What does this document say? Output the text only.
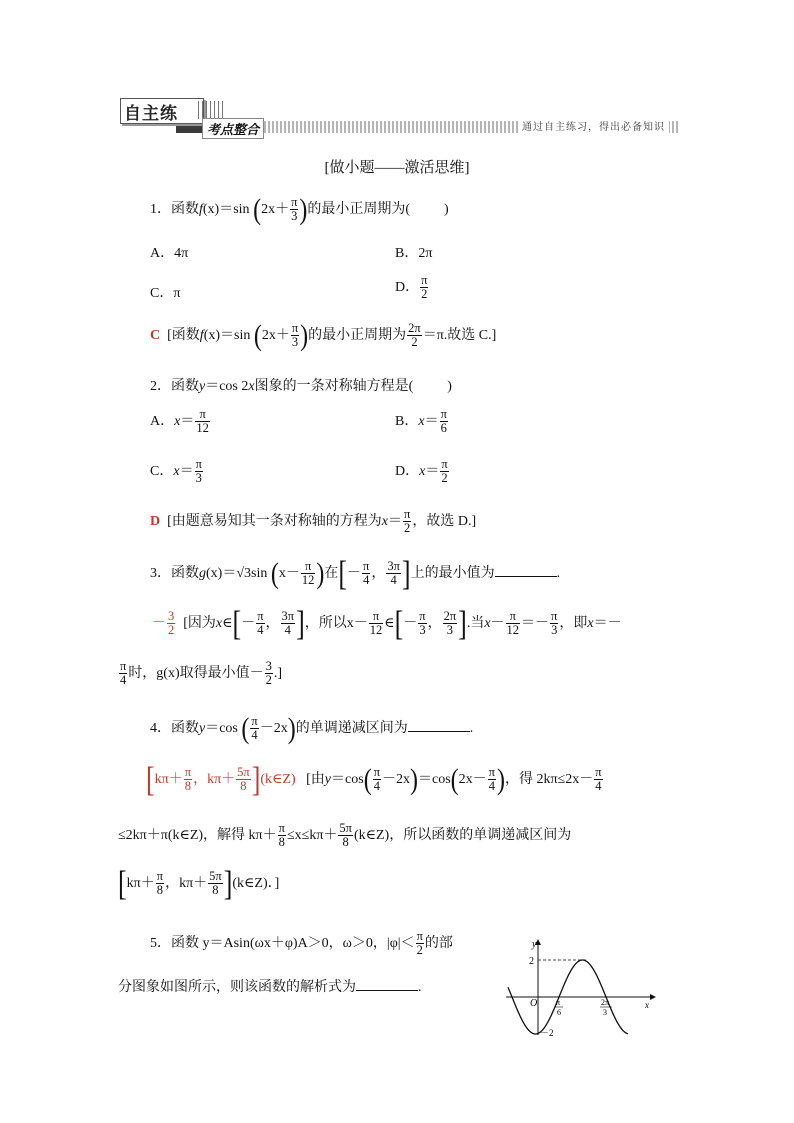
自主练
考点整合	通过自主练习，得出必备知识
[做小题——激活思维]
1．函数f(x)＝sin ($2x+ \frac{\pi}{3}$ )的最小正周期为( )
A．4π	B．2π
C．π	D． $\frac{\pi}{2}$
C [函数f(x)＝sin ($2x+ \frac{\pi}{3}$ )的最小正周期为 $\frac{2\pi}{2} =\pi$.故选 C.]
2．函数y＝cos 2x图象的一条对称轴方程是( )
A．$x= \frac{\pi}{12}$	B．$x= \frac{\pi}{6}$
C．$x= \frac{\pi}{3}$	D．$x= \frac{\pi}{2}$
D [由题意易知其一条对称轴的方程为$x= \frac{\pi}{2}$ ，故选 D.]
3．函数g(x)＝√3sin ($x- \frac{\pi}{12}$ )在[－ $\frac{\pi}{4}$ ， $\frac{3\pi}{4}$ ]上的最小值为	.
－ $\frac{3}{2}$ [因为x∈[－ $\frac{\pi}{4}$ ， $\frac{3\pi}{4}$ ]，所以$x- \frac{\pi}{12}$ ∈[－ $\frac{\pi}{3}$ ， $\frac{2\pi}{3}$ ].当$x- \frac{\pi}{12} =- \frac{\pi}{3}$ ，即x＝－
$\frac{\pi}{4}$ 时，g(x)取得最小值－ $\frac{3}{2}$ .]
4．函数y＝cos ( $\frac{\pi}{4} -2x$)的单调递减区间为	.
[$k\pi+ \frac{\pi}{8}$ ，$k\pi+ \frac{5\pi}{8}$ ](k∈Z) [由$y=\cos( \frac{\pi}{4} -2x)=\cos(2x- \frac{\pi}{4}$ )，得 $2k\pi\le 2x- \frac{\pi}{4}$
≤2kπ＋π(k∈Z)，解得 $k\pi+ \frac{\pi}{8} \le x\le k\pi+ \frac{5\pi}{8}$ (k∈Z)，所以函数的单调递减区间为
[$k\pi+ \frac{\pi}{8}$ ，$k\pi+ \frac{5\pi}{8}$ ](k∈Z)．]
5．函数 y＝Asin(ωx＋φ)A＞0，ω＞0，$|\varphi|< \frac{\pi}{2}$ 的部
分图象如图所示，则该函数的解析式为	.
y
x
O
2
－2
π
6
2π
3
